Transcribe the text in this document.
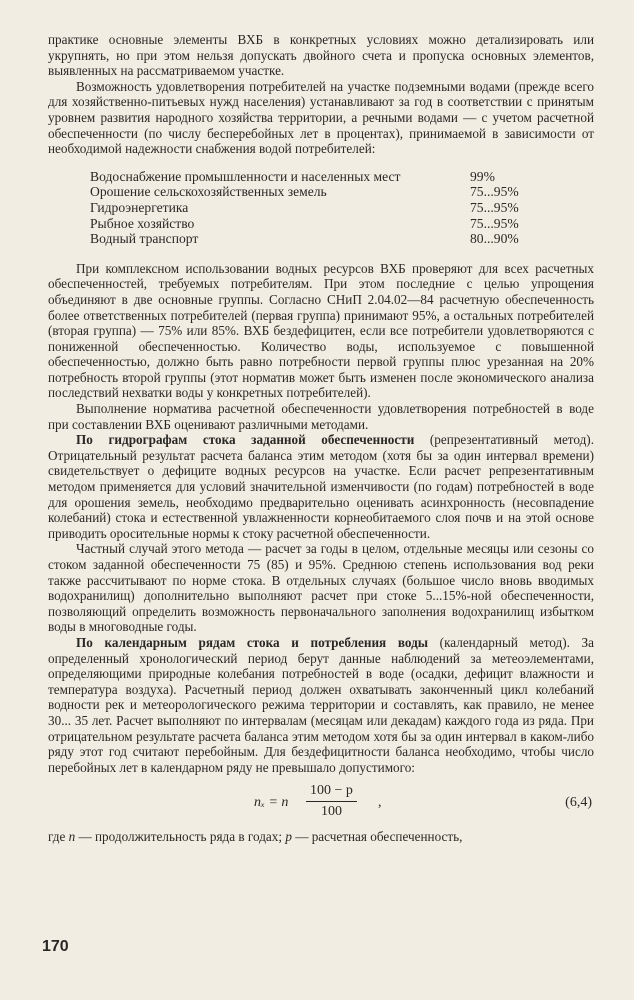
практике основные элементы ВХБ в конкретных условиях можно детализировать или укрупнять, но при этом нельзя допускать двойного счета и пропуска основных элементов, выявленных на рассматриваемом участке.

Возможность удовлетворения потребителей на участке подземными водами (прежде всего для хозяйственно-питьевых нужд населения) устанавливают за год в соответствии с принятым уровнем развития народного хозяйства территории, а речными водами — с учетом расчетной обеспеченности (по числу бесперебойных лет в процентах), принимаемой в зависимости от необходимой надежности снабжения водой потребителей:

Водоснабжение промышленности и населенных мест	99%
Орошение сельскохозяйственных земель	75...95%
Гидроэнергетика	75...95%
Рыбное хозяйство	75...95%
Водный транспорт	80...90%

При комплексном использовании водных ресурсов ВХБ проверяют для всех расчетных обеспеченностей, требуемых потребителям. При этом последние с целью упрощения объединяют в две основные группы. Согласно СНиП 2.04.02—84 расчетную обеспеченность более ответственных потребителей (первая группа) принимают 95%, а остальных потребителей (вторая группа) — 75% или 85%. ВХБ бездефицитен, если все потребители удовлетворяются с пониженной обеспеченностью. Количество воды, используемое с повышенной обеспеченностью, должно быть равно потребности первой группы плюс урезанная на 20% потребность второй группы (этот норматив может быть изменен после экономического анализа последствий нехватки воды у конкретных потребителей).

Выполнение норматива расчетной обеспеченности удовлетворения потребностей в воде при составлении ВХБ оценивают различными методами.

По гидрографам стока заданной обеспеченности (репрезентативный метод). Отрицательный результат расчета баланса этим методом (хотя бы за один интервал времени) свидетельствует о дефиците водных ресурсов на участке. Если расчет репрезентативным методом применяется для условий значительной изменчивости (по годам) потребностей в воде для орошения земель, необходимо предварительно оценивать асинхронность (несовпадение колебаний) стока и естественной увлажненности корнеобитаемого слоя почв и на этой основе приводить оросительные нормы к стоку расчетной обеспеченности.

Частный случай этого метода — расчет за годы в целом, отдельные месяцы или сезоны со стоком заданной обеспеченности 75 (85) и 95%. Среднюю степень использования вод реки также рассчитывают по норме стока. В отдельных случаях (большое число вновь вводимых водохранилищ) дополнительно выполняют расчет при стоке 5...15%-ной обеспеченности, позволяющий определить возможность первоначального заполнения водохранилищ избытком воды в многоводные годы.

По календарным рядам стока и потребления воды (календарный метод). За определенный хронологический период берут данные наблюдений за метеоэлементами, определяющими природные колебания потребностей в воде (осадки, дефицит влажности и температура воздуха). Расчетный период должен охватывать законченный цикл колебаний водности рек и метеорологического режима территории и составлять, как правило, не менее 30... 35 лет. Расчет выполняют по интервалам (месяцам или декадам) каждого года из ряда. При отрицательном результате расчета баланса этим методом хотя бы за один интервал в каком-либо ряду этот год считают перебойным. Для бездефицитности баланса необходимо, чтобы число перебойных лет в календарном ряду не превышало допустимого:

nₓ = n $\frac{100 - p}{100}$ ,	(6,4)

где n — продолжительность ряда в годах; p — расчетная обеспеченность,

170
